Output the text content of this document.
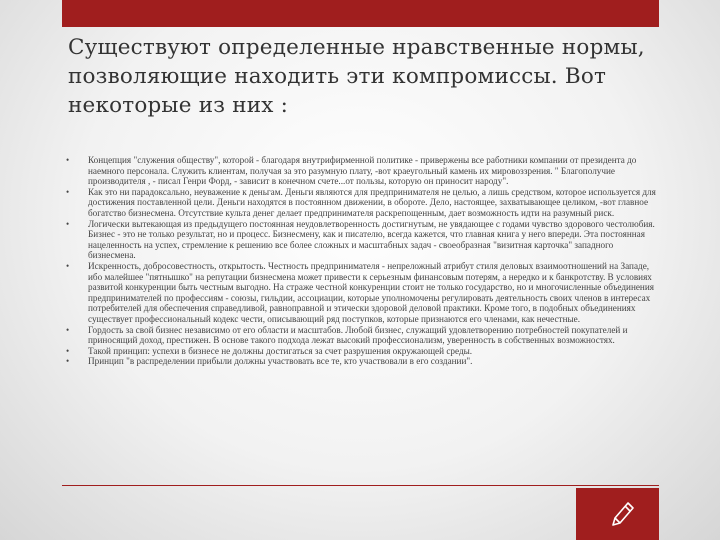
Существуют определенные нравственные нормы, позволяющие находить эти компромиссы. Вот некоторые из них :
• Концепция "служения обществу", которой - благодаря внутрифирменной политике - привержены все работники компании от президента до наемного персонала. Служить клиентам, получая за это разумную плату, -вот краеугольный камень их мировоззрения. " Благополучие производителя , - писал Генри Форд, - зависит в конечном счете...от пользы, которую он приносит народу".
• Как это ни парадоксально, неуважение к деньгам. Деньги являются для предпринимателя не целью, а лишь средством, которое используется для достижения поставленной цели. Деньги находятся в постоянном движении, в обороте. Дело, настоящее, захватывающее целиком, -вот главное богатство бизнесмена. Отсутствие культа денег делает предпринимателя раскрепощенным, дает возможность идти на разумный риск.
• Логически вытекающая из предыдущего постоянная неудовлетворенность достигнутым, не увядающее с годами чувство здорового честолюбия. Бизнес - это не только результат, но и процесс. Бизнесмену, как и писателю, всегда кажется, что главная книга у него впереди. Эта постоянная нацеленность на успех, стремление к решению все более сложных и масштабных задач - своеобразная "визитная карточка" западного бизнесмена.
• Искренность, добросовестность, открытость. Честность предпринимателя - непреложный атрибут стиля деловых взаимоотношений на Западе, ибо малейшее "пятнышко" на репутации бизнесмена может привести к серьезным финансовым потерям, а нередко и к банкротству. В условиях развитой конкуренции быть честным выгодно. На страже честной конкуренции стоит не только государство, но и многочисленные объединения предпринимателей по профессиям - союзы, гильдии, ассоциации, которые уполномочены регулировать деятельность своих членов в интересах потребителей для обеспечения справедливой, равноправной и этически здоровой деловой практики. Кроме того, в подобных объединениях существует профессиональный кодекс чести, описывающий ряд поступков, которые признаются его членами, как нечестные.
• Гордость за свой бизнес независимо от его области и масштабов. Любой бизнес, служащий удовлетворению потребностей покупателей и приносящий доход, престижен. В основе такого подхода лежат высокий профессионализм, уверенность в собственных возможностях.
• Такой принцип: успехи в бизнесе не должны достигаться за счет разрушения окружающей среды.
• Принцип "в распределении прибыли должны участвовать все те, кто участвовали в его создании".
